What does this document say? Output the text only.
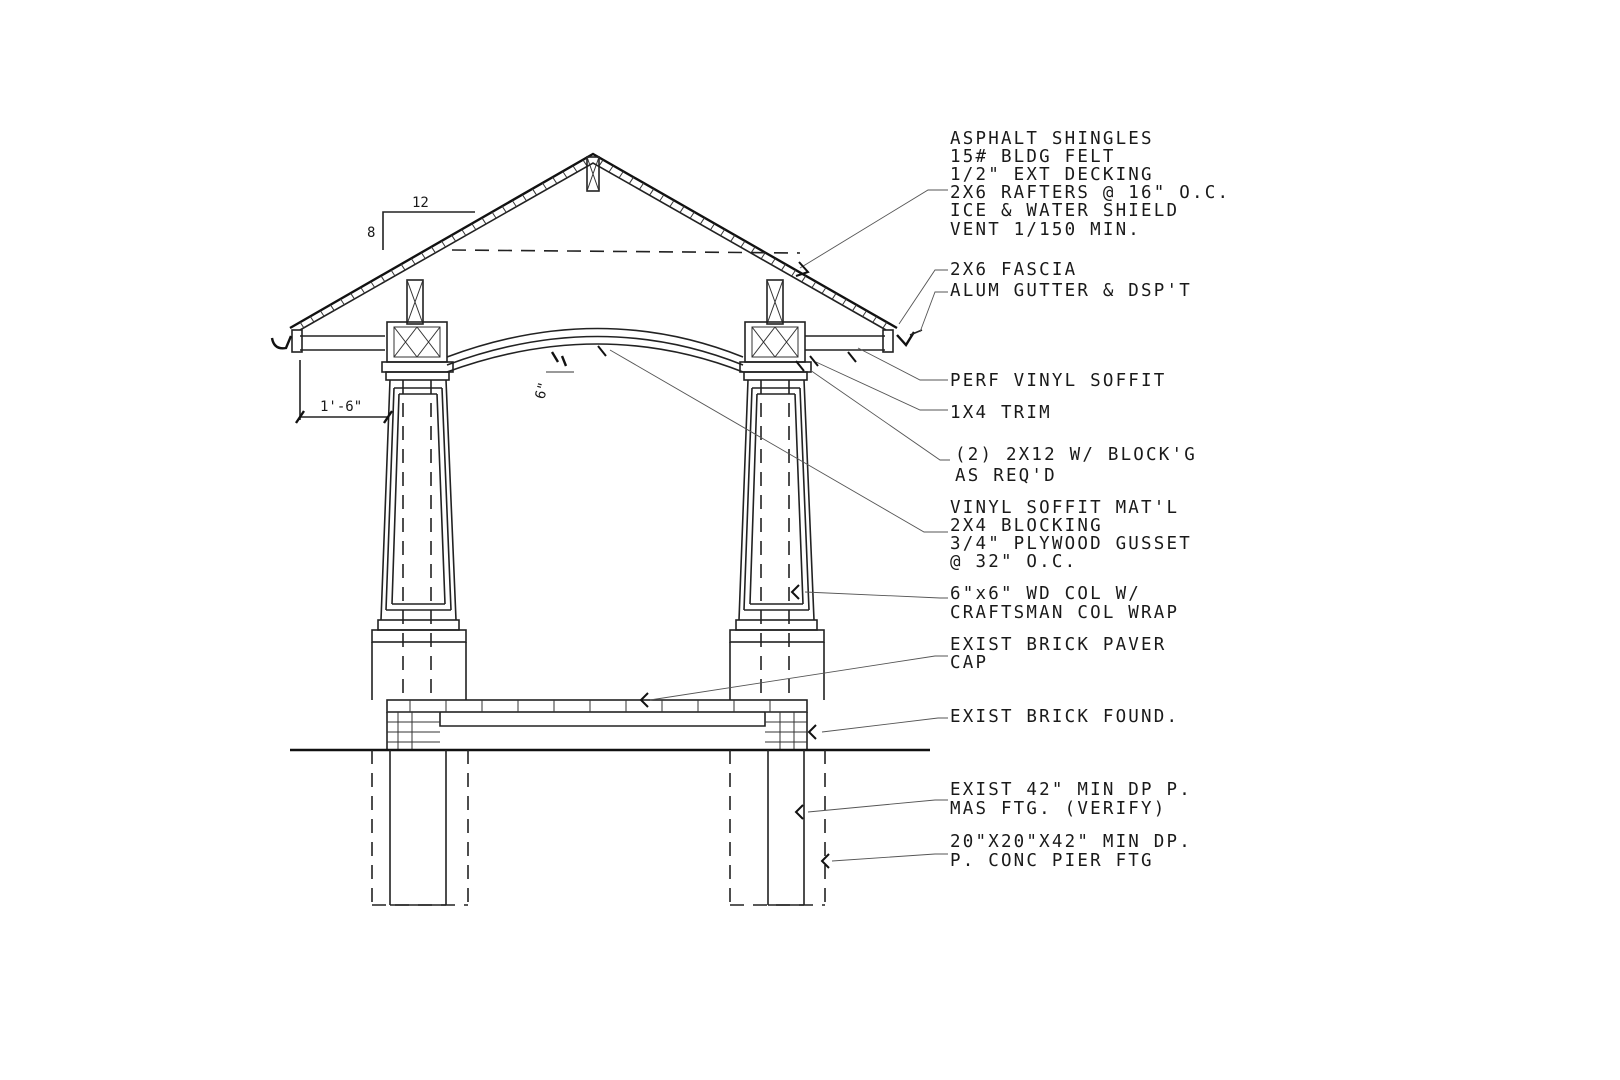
8
12
1'-6"
6"
ASPHALT SHINGLES
15# BLDG FELT
1/2" EXT DECKING
2X6 RAFTERS @ 16" O.C.
ICE & WATER SHIELD
VENT 1/150 MIN.
2X6 FASCIA
ALUM GUTTER & DSP'T
PERF VINYL SOFFIT
1X4 TRIM
(2) 2X12 W/ BLOCK'G
AS REQ'D
VINYL SOFFIT MAT'L
2X4 BLOCKING
3/4" PLYWOOD GUSSET
@ 32" O.C.
6"x6" WD COL W/
CRAFTSMAN COL WRAP
EXIST BRICK PAVER
CAP
EXIST BRICK FOUND.
EXIST 42" MIN DP P.
MAS FTG. (VERIFY)
20"X20"X42" MIN DP.
P. CONC PIER FTG
